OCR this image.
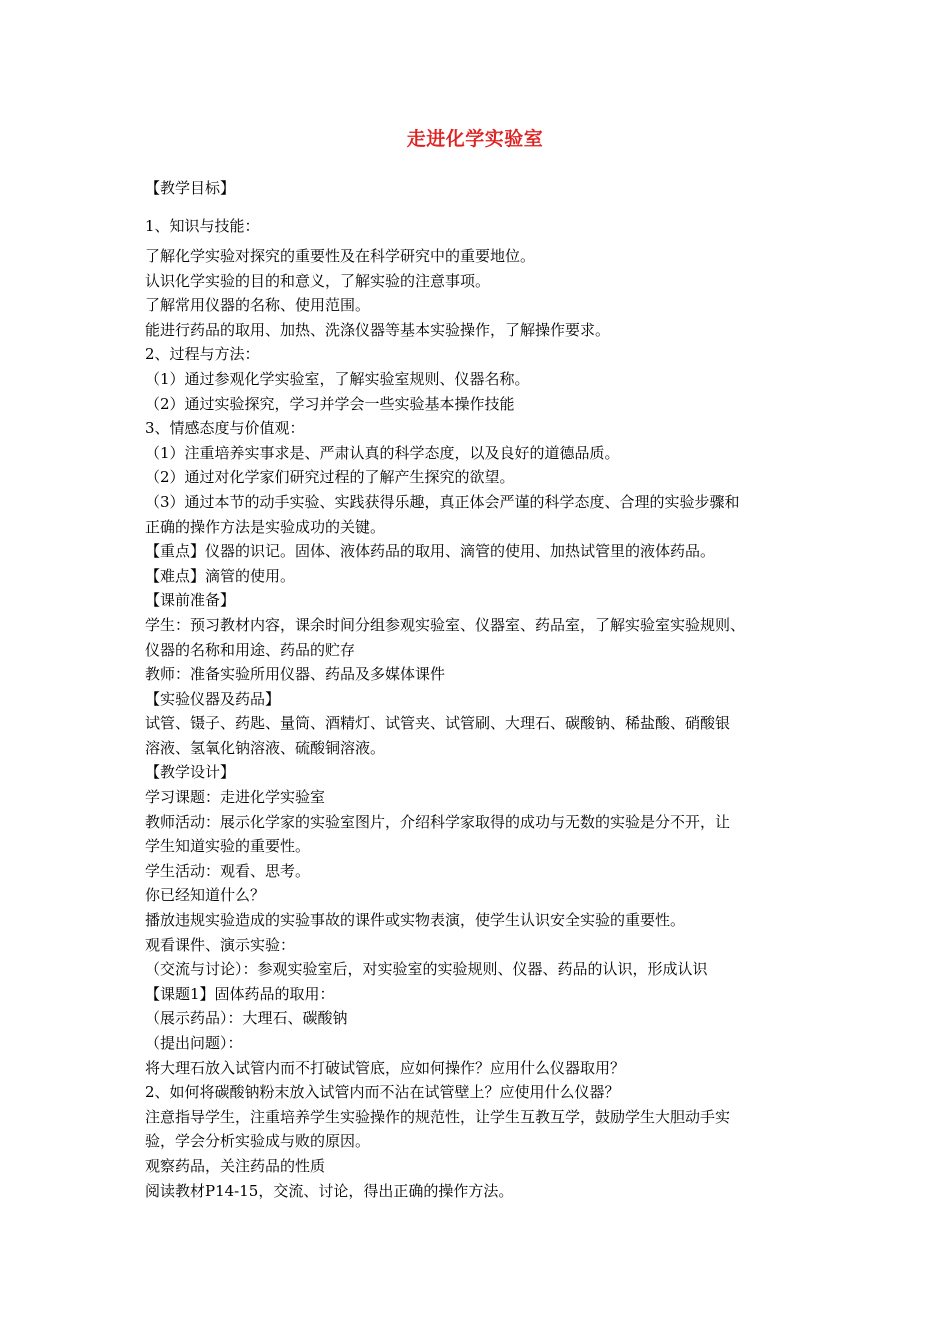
走进化学实验室
【教学目标】
1、知识与技能：
了解化学实验对探究的重要性及在科学研究中的重要地位。
认识化学实验的目的和意义，了解实验的注意事项。
了解常用仪器的名称、使用范围。
能进行药品的取用、加热、洗涤仪器等基本实验操作，了解操作要求。
2、过程与方法：
（1）通过参观化学实验室，了解实验室规则、仪器名称。
（2）通过实验探究，学习并学会一些实验基本操作技能
3、情感态度与价值观：
（1）注重培养实事求是、严肃认真的科学态度，以及良好的道德品质。
（2）通过对化学家们研究过程的了解产生探究的欲望。
（3）通过本节的动手实验、实践获得乐趣，真正体会严谨的科学态度、合理的实验步骤和
正确的操作方法是实验成功的关键。
【重点】仪器的识记。固体、液体药品的取用、滴管的使用、加热试管里的液体药品。
【难点】滴管的使用。
【课前准备】
学生：预习教材内容，课余时间分组参观实验室、仪器室、药品室，了解实验室实验规则、
仪器的名称和用途、药品的贮存
教师：准备实验所用仪器、药品及多媒体课件
【实验仪器及药品】
试管、镊子、药匙、量筒、酒精灯、试管夹、试管刷、大理石、碳酸钠、稀盐酸、硝酸银
溶液、氢氧化钠溶液、硫酸铜溶液。
【教学设计】
学习课题：走进化学实验室
教师活动：展示化学家的实验室图片，介绍科学家取得的成功与无数的实验是分不开，让
学生知道实验的重要性。
学生活动：观看、思考。
你已经知道什么？
播放违规实验造成的实验事故的课件或实物表演，使学生认识安全实验的重要性。
观看课件、演示实验：
（交流与讨论）：参观实验室后，对实验室的实验规则、仪器、药品的认识，形成认识
【课题1】固体药品的取用：
（展示药品）：大理石、碳酸钠
（提出问题）：
将大理石放入试管内而不打破试管底，应如何操作？应用什么仪器取用？
2、如何将碳酸钠粉末放入试管内而不沾在试管壁上？应使用什么仪器？
注意指导学生，注重培养学生实验操作的规范性，让学生互教互学，鼓励学生大胆动手实
验，学会分析实验成与败的原因。
观察药品，关注药品的性质
阅读教材P14-15，交流、讨论，得出正确的操作方法。
